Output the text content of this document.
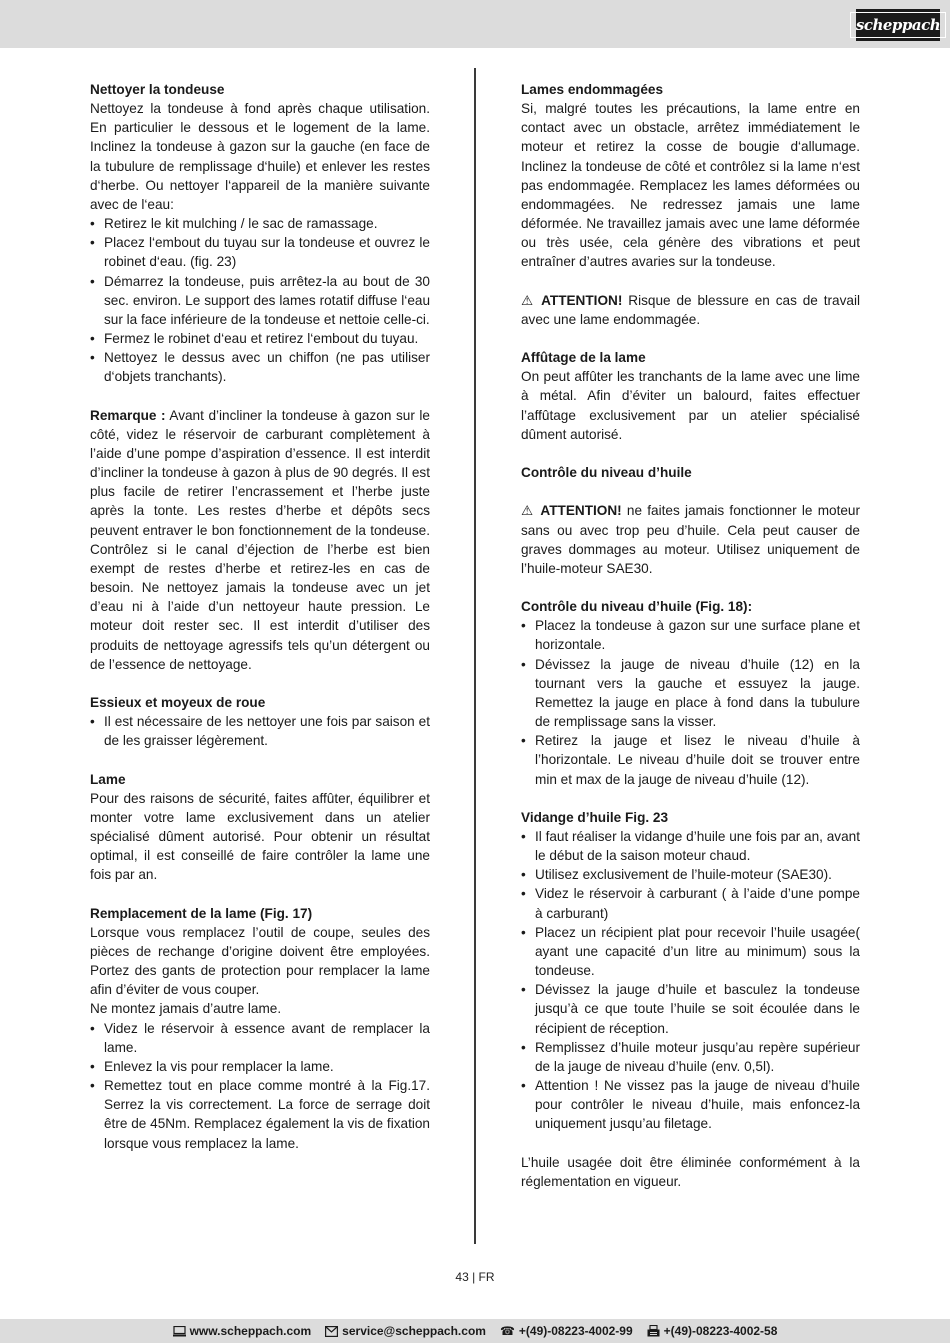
scheppach
Nettoyer la tondeuse

Nettoyez la tondeuse à fond après chaque utilisation. En particulier le dessous et le logement de la lame. Inclinez la tondeuse à gazon sur la gauche (en face de la tubulure de remplissage d‘huile) et enlever les restes d‘herbe. Ou nettoyer l‘appareil de la manière suivante avec de l‘eau:

• Retirez le kit mulching / le sac de ramassage.
• Placez l‘embout du tuyau sur la tondeuse et ouvrez le robinet d‘eau. (fig. 23)
• Démarrez la tondeuse, puis arrêtez-la au bout de 30 sec. environ. Le support des lames rotatif diffuse l‘eau sur la face inférieure de la tondeuse et nettoie celle-ci.
• Fermez le robinet d‘eau et retirez l‘embout du tuyau.
• Nettoyez le dessus avec un chiffon (ne pas utiliser d‘objets tranchants).

Remarque : Avant d’incliner la tondeuse à gazon sur le côté, videz le réservoir de carburant complètement à l’aide d’une pompe d’aspiration d’essence. Il est interdit d’incliner la tondeuse à gazon à plus de 90 degrés. Il est plus facile de retirer l’encrassement et l’herbe juste après la tonte. Les restes d’herbe et dépôts secs peuvent entraver le bon fonctionnement de la tondeuse. Contrôlez si le canal d’éjection de l’herbe est bien exempt de restes d’herbe et retirez-les en cas de besoin. Ne nettoyez jamais la tondeuse avec un jet d’eau ni à l’aide d’un nettoyeur haute pression. Le moteur doit rester sec. Il est interdit d’utiliser des produits de nettoyage agressifs tels qu’un détergent ou de l’essence de nettoyage.

Essieux et moyeux de roue
• Il est nécessaire de les nettoyer une fois par saison et de les graisser légèrement.
Lame

Pour des raisons de sécurité, faites affûter, équilibrer et monter votre lame exclusivement dans un atelier spécialisé dûment autorisé. Pour obtenir un résultat optimal, il est conseillé de faire contrôler la lame une fois par an.

Remplacement de la lame (Fig. 17)

Lorsque vous remplacez l’outil de coupe, seules des pièces de rechange d’origine doivent être employées. Portez des gants de protection pour remplacer la lame afin d’éviter de vous couper.

Ne montez jamais d’autre lame.

• Videz le réservoir à essence avant de remplacer la lame.
• Enlevez la vis pour remplacer la lame.
• Remettez tout en place comme montré à la Fig.17. Serrez la vis correctement. La force de serrage doit être de 45Nm. Remplacez également la vis de fixation lorsque vous remplacez la lame.
Lames endommagées

Si, malgré toutes les précautions, la lame entre en contact avec un obstacle, arrêtez immédiatement le moteur et retirez la cosse de bougie d‘allumage. Inclinez la tondeuse de côté et contrôlez si la lame n‘est pas endommagée. Remplacez les lames déformées ou endommagées. Ne redressez jamais une lame déformée. Ne travaillez jamais avec une lame déformée ou très usée, cela génère des vibrations et peut entraîner d’autres avaries sur la tondeuse.

⚠ ATTENTION! Risque de blessure en cas de travail avec une lame endommagée.

Affûtage de la lame

On peut affûter les tranchants de la lame avec une lime à métal. Afin d’éviter un balourd, faites effectuer l’affûtage exclusivement par un atelier spécialisé dûment autorisé.

Contrôle du niveau d’huile

⚠ ATTENTION! ne faites jamais fonctionner le moteur sans ou avec trop peu d’huile. Cela peut causer de graves dommages au moteur. Utilisez uniquement de l’huile-moteur SAE30.

Contrôle du niveau d’huile (Fig. 18):
• Placez la tondeuse à gazon sur une surface plane et horizontale.
• Dévissez la jauge de niveau d’huile (12) en la tournant vers la gauche et essuyez la jauge. Remettez la jauge en place à fond dans la tubulure de remplissage sans la visser.
• Retirez la jauge et lisez le niveau d’huile à l’horizontale. Le niveau d’huile doit se trouver entre min et max de la jauge de niveau d’huile (12).
Vidange d’huile Fig. 23
• Il faut réaliser la vidange d’huile une fois par an, avant le début de la saison moteur chaud.
• Utilisez exclusivement de l’huile-moteur (SAE30).
• Videz le réservoir à carburant ( à l’aide d’une pompe à carburant)
• Placez un récipient plat pour recevoir l’huile usagée( ayant une capacité d’un litre au minimum) sous la tondeuse.
• Dévissez la jauge d’huile et basculez la tondeuse jusqu’à ce que toute l’huile se soit écoulée dans le récipient de réception.
• Remplissez d’huile moteur jusqu’au repère supérieur de la jauge de niveau d’huile (env. 0,5l).
• Attention ! Ne vissez pas la jauge de niveau d’huile pour contrôler le niveau d’huile, mais enfoncez-la uniquement jusqu’au filetage.

L’huile usagée doit être éliminée conformément à la réglementation en vigueur.

43 | FR
www.scheppach.com	service@scheppach.com ☎ +(49)-08223-4002-99	+(49)-08223-4002-58
